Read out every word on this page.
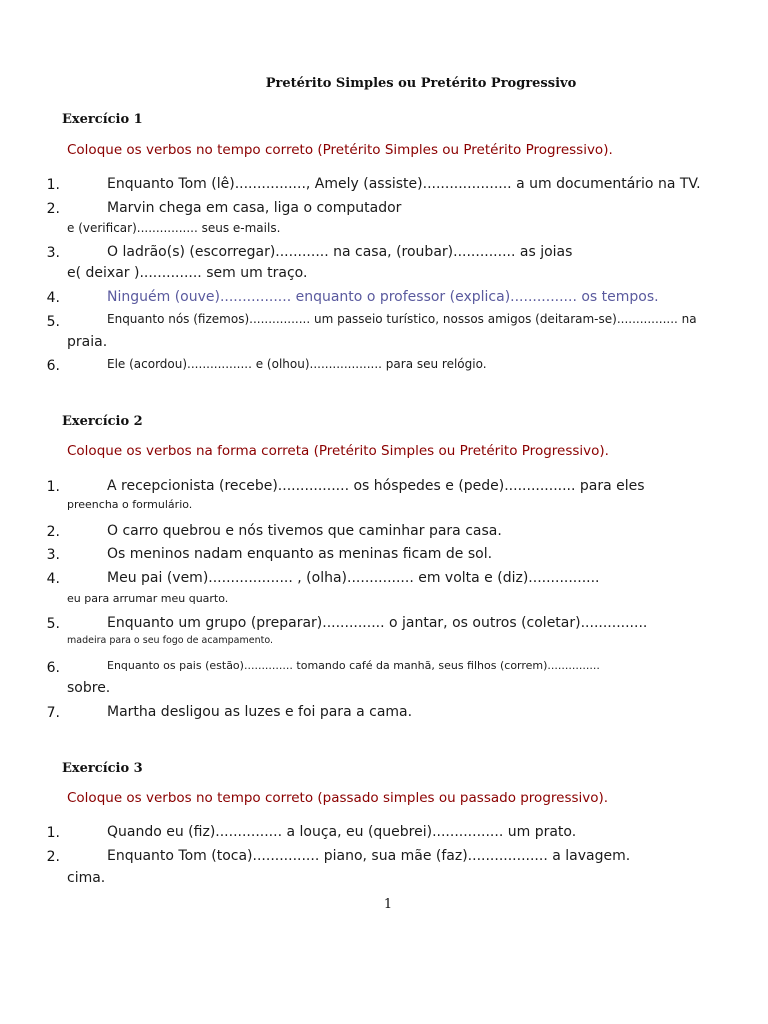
Pretérito Simples ou Pretérito Progressivo
Exercício 1
Coloque os verbos no tempo correto (Pretérito Simples ou Pretérito Progressivo).
1.	Enquanto Tom (lê)................, Amely (assiste).................... a um documentário na TV.
2.	Marvin chega em casa, liga o computador
e (verificar)................ seus e-mails.
3.	O ladrão(s) (escorregar)............ na casa, (roubar).............. as joias
e( deixar ).............. sem um traço.
4.	Ninguém (ouve)................ enquanto o professor (explica)............... os tempos.
5.	Enquanto nós (fizemos)................ um passeio turístico, nossos amigos (deitaram-se)................ na
praia.
6.	Ele (acordou)................. e (olhou)................... para seu relógio.
Exercício 2
Coloque os verbos na forma correta (Pretérito Simples ou Pretérito Progressivo).
1.	A recepcionista (recebe)................ os hóspedes e (pede)................ para eles
preencha o formulário.
2.	O carro quebrou e nós tivemos que caminhar para casa.
3.	Os meninos nadam enquanto as meninas ficam de sol.
4.	Meu pai (vem)................... , (olha)............... em volta e (diz)................
eu para arrumar meu quarto.
5.	Enquanto um grupo (preparar).............. o jantar, os outros (coletar)...............
madeira para o seu fogo de acampamento.
6.	Enquanto os pais (estão).............. tomando café da manhã, seus filhos (correm)...............
sobre.
7.	Martha desligou as luzes e foi para a cama.
Exercício 3
Coloque os verbos no tempo correto (passado simples ou passado progressivo).
1.	Quando eu (fiz)............... a louça, eu (quebrei)................ um prato.
2.	Enquanto Tom (toca)............... piano, sua mãe (faz).................. a lavagem.
cima.
1
